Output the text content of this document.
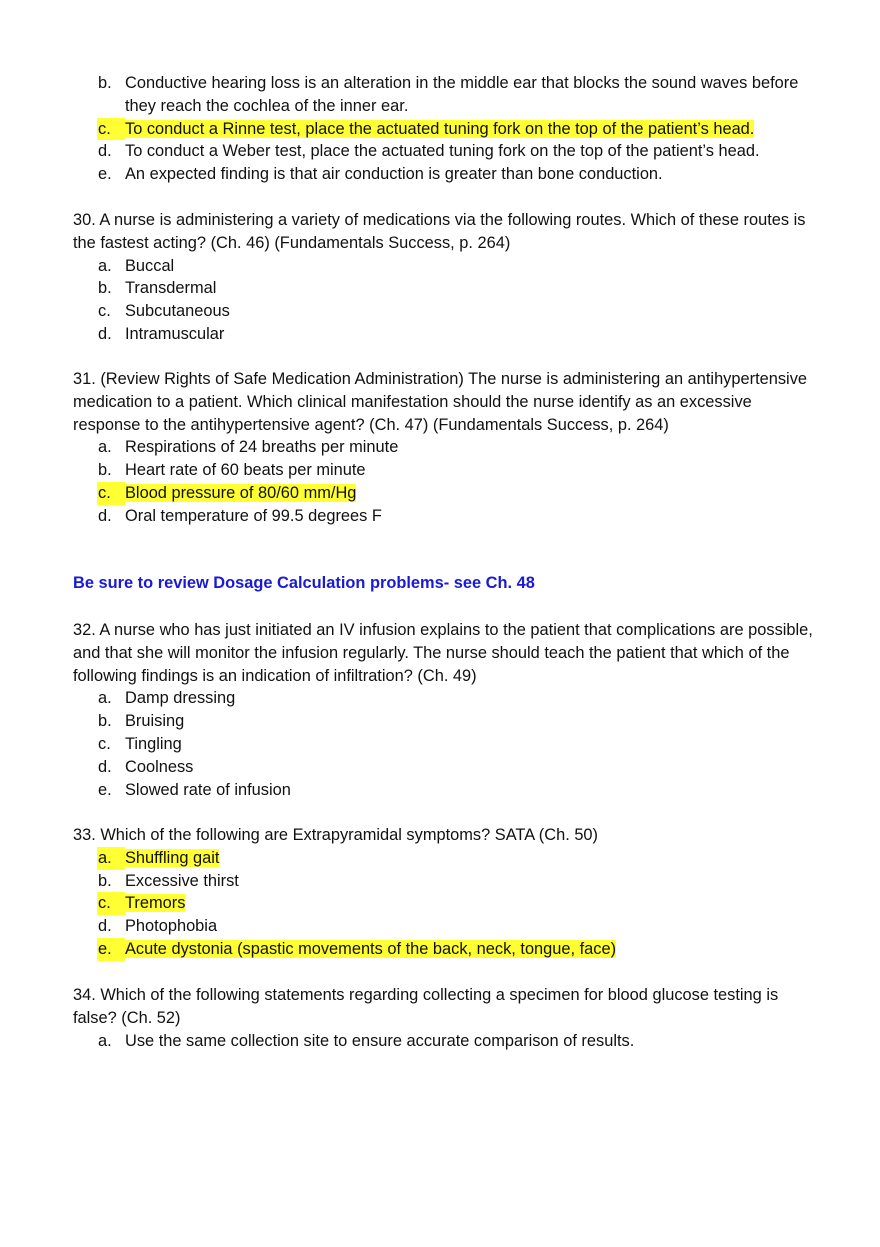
b. Conductive hearing loss is an alteration in the middle ear that blocks the sound waves before they reach the cochlea of the inner ear.
c. To conduct a Rinne test, place the actuated tuning fork on the top of the patient’s head.
d. To conduct a Weber test, place the actuated tuning fork on the top of the patient’s head.
e. An expected finding is that air conduction is greater than bone conduction.

30. A nurse is administering a variety of medications via the following routes. Which of these routes is the fastest acting? (Ch. 46) (Fundamentals Success, p. 264)

a. Buccal
b. Transdermal
c. Subcutaneous
d. Intramuscular

31. (Review Rights of Safe Medication Administration) The nurse is administering an antihypertensive medication to a patient. Which clinical manifestation should the nurse identify as an excessive response to the antihypertensive agent? (Ch. 47) (Fundamentals Success, p. 264)

a. Respirations of 24 breaths per minute
b. Heart rate of 60 beats per minute
c. Blood pressure of 80/60 mm/Hg
d. Oral temperature of 99.5 degrees F

Be sure to review Dosage Calculation problems- see Ch. 48

32. A nurse who has just initiated an IV infusion explains to the patient that complications are possible, and that she will monitor the infusion regularly. The nurse should teach the patient that which of the following findings is an indication of infiltration? (Ch. 49)

a. Damp dressing
b. Bruising
c. Tingling
d. Coolness
e. Slowed rate of infusion

33. Which of the following are Extrapyramidal symptoms? SATA (Ch. 50)

a. Shuffling gait
b. Excessive thirst
c. Tremors
d. Photophobia
e. Acute dystonia (spastic movements of the back, neck, tongue, face)

34. Which of the following statements regarding collecting a specimen for blood glucose testing is false? (Ch. 52)

a. Use the same collection site to ensure accurate comparison of results.
